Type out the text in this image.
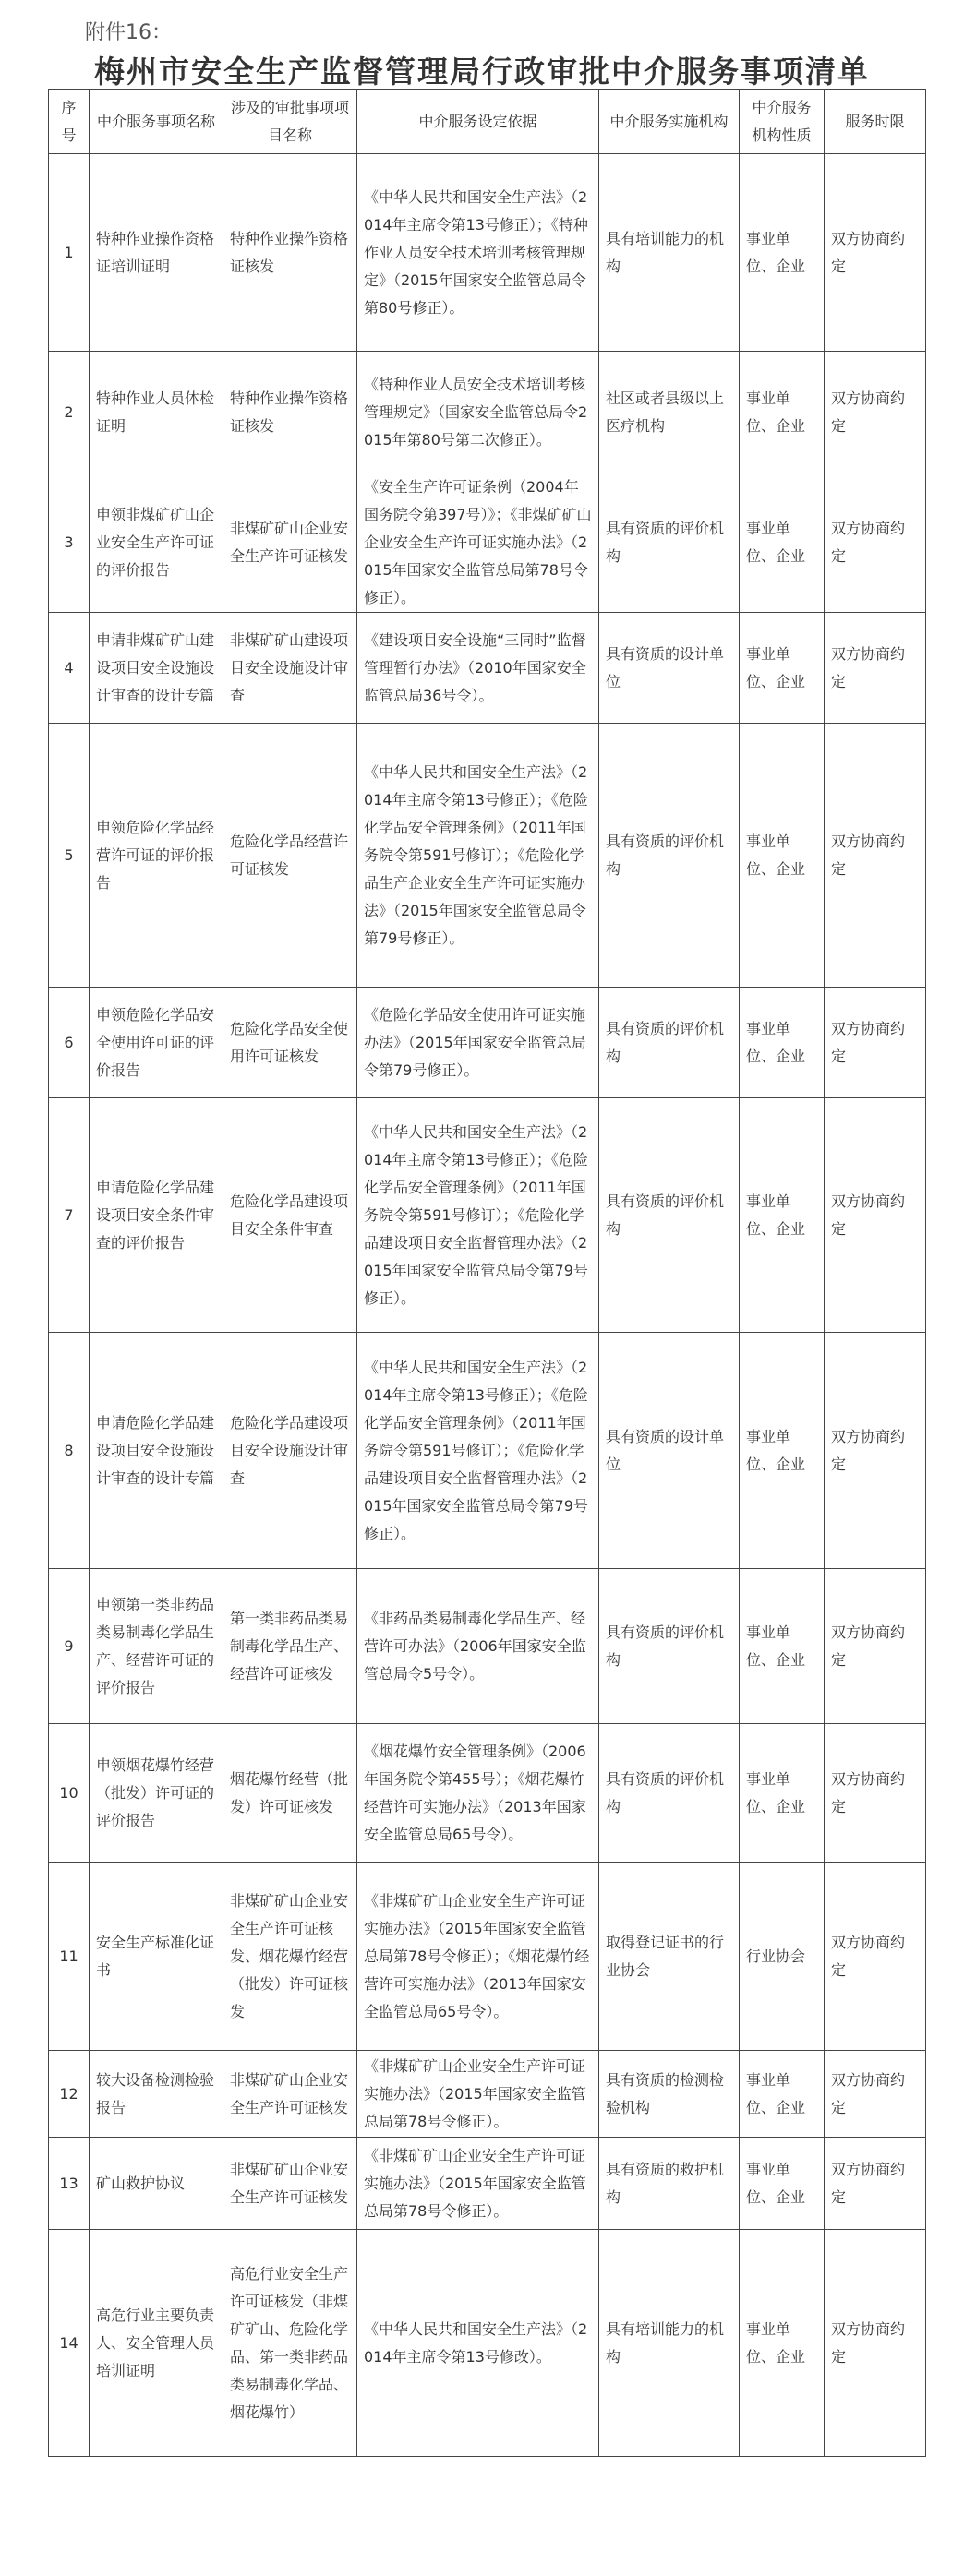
附件16：
梅州市安全生产监督管理局行政审批中介服务事项清单
序号	中介服务事项名称	涉及的审批事项项目名称	中介服务设定依据	中介服务实施机构	中介服务机构性质	服务时限
1	特种作业操作资格证培训证明	特种作业操作资格证核发	《中华人民共和国安全生产法》（2014年主席令第13号修正）；《特种作业人员安全技术培训考核管理规定》（2015年国家安全监管总局令第80号修正）。	具有培训能力的机构	事业单位、企业	双方协商约定
2	特种作业人员体检证明	特种作业操作资格证核发	《特种作业人员安全技术培训考核管理规定》（国家安全监管总局令2015年第80号第二次修正）。	社区或者县级以上医疗机构	事业单位、企业	双方协商约定
3	申领非煤矿矿山企业安全生产许可证的评价报告	非煤矿矿山企业安全生产许可证核发	《安全生产许可证条例（2004年国务院令第397号）》；《非煤矿矿山企业安全生产许可证实施办法》（2015年国家安全监管总局第78号令修正）。	具有资质的评价机构	事业单位、企业	双方协商约定
4	申请非煤矿矿山建设项目安全设施设计审查的设计专篇	非煤矿矿山建设项目安全设施设计审查	《建设项目安全设施“三同时”监督管理暂行办法》（2010年国家安全监管总局36号令）。	具有资质的设计单位	事业单位、企业	双方协商约定
5	申领危险化学品经营许可证的评价报告	危险化学品经营许可证核发	《中华人民共和国安全生产法》（2014年主席令第13号修正）；《危险化学品安全管理条例》（2011年国务院令第591号修订）；《危险化学品生产企业安全生产许可证实施办法》（2015年国家安全监管总局令第79号修正）。	具有资质的评价机构	事业单位、企业	双方协商约定
6	申领危险化学品安全使用许可证的评价报告	危险化学品安全使用许可证核发	《危险化学品安全使用许可证实施办法》（2015年国家安全监管总局令第79号修正）。	具有资质的评价机构	事业单位、企业	双方协商约定
7	申请危险化学品建设项目安全条件审查的评价报告	危险化学品建设项目安全条件审查	《中华人民共和国安全生产法》（2014年主席令第13号修正）；《危险化学品安全管理条例》（2011年国务院令第591号修订）；《危险化学品建设项目安全监督管理办法》（2015年国家安全监管总局令第79号修正）。	具有资质的评价机构	事业单位、企业	双方协商约定
8	申请危险化学品建设项目安全设施设计审查的设计专篇	危险化学品建设项目安全设施设计审查	《中华人民共和国安全生产法》（2014年主席令第13号修正）；《危险化学品安全管理条例》（2011年国务院令第591号修订）；《危险化学品建设项目安全监督管理办法》（2015年国家安全监管总局令第79号修正）。	具有资质的设计单位	事业单位、企业	双方协商约定
9	申领第一类非药品类易制毒化学品生产、经营许可证的评价报告	第一类非药品类易制毒化学品生产、经营许可证核发	《非药品类易制毒化学品生产、经营许可办法》（2006年国家安全监管总局令5号令）。	具有资质的评价机构	事业单位、企业	双方协商约定
10	申领烟花爆竹经营（批发）许可证的评价报告	烟花爆竹经营（批发）许可证核发	《烟花爆竹安全管理条例》（2006年国务院令第455号）；《烟花爆竹经营许可实施办法》（2013年国家安全监管总局65号令）。	具有资质的评价机构	事业单位、企业	双方协商约定
11	安全生产标准化证书	非煤矿矿山企业安全生产许可证核发、烟花爆竹经营（批发）许可证核发	《非煤矿矿山企业安全生产许可证实施办法》（2015年国家安全监管总局第78号令修正）；《烟花爆竹经营许可实施办法》（2013年国家安全监管总局65号令）。	取得登记证书的行业协会	行业协会	双方协商约定
12	较大设备检测检验报告	非煤矿矿山企业安全生产许可证核发	《非煤矿矿山企业安全生产许可证实施办法》（2015年国家安全监管总局第78号令修正）。	具有资质的检测检验机构	事业单位、企业	双方协商约定
13	矿山救护协议	非煤矿矿山企业安全生产许可证核发	《非煤矿矿山企业安全生产许可证实施办法》（2015年国家安全监管总局第78号令修正）。	具有资质的救护机构	事业单位、企业	双方协商约定
14	高危行业主要负责人、安全管理人员培训证明	高危行业安全生产许可证核发（非煤矿矿山、危险化学品、第一类非药品类易制毒化学品、烟花爆竹）	《中华人民共和国安全生产法》（2014年主席令第13号修改）。	具有培训能力的机构	事业单位、企业	双方协商约定
